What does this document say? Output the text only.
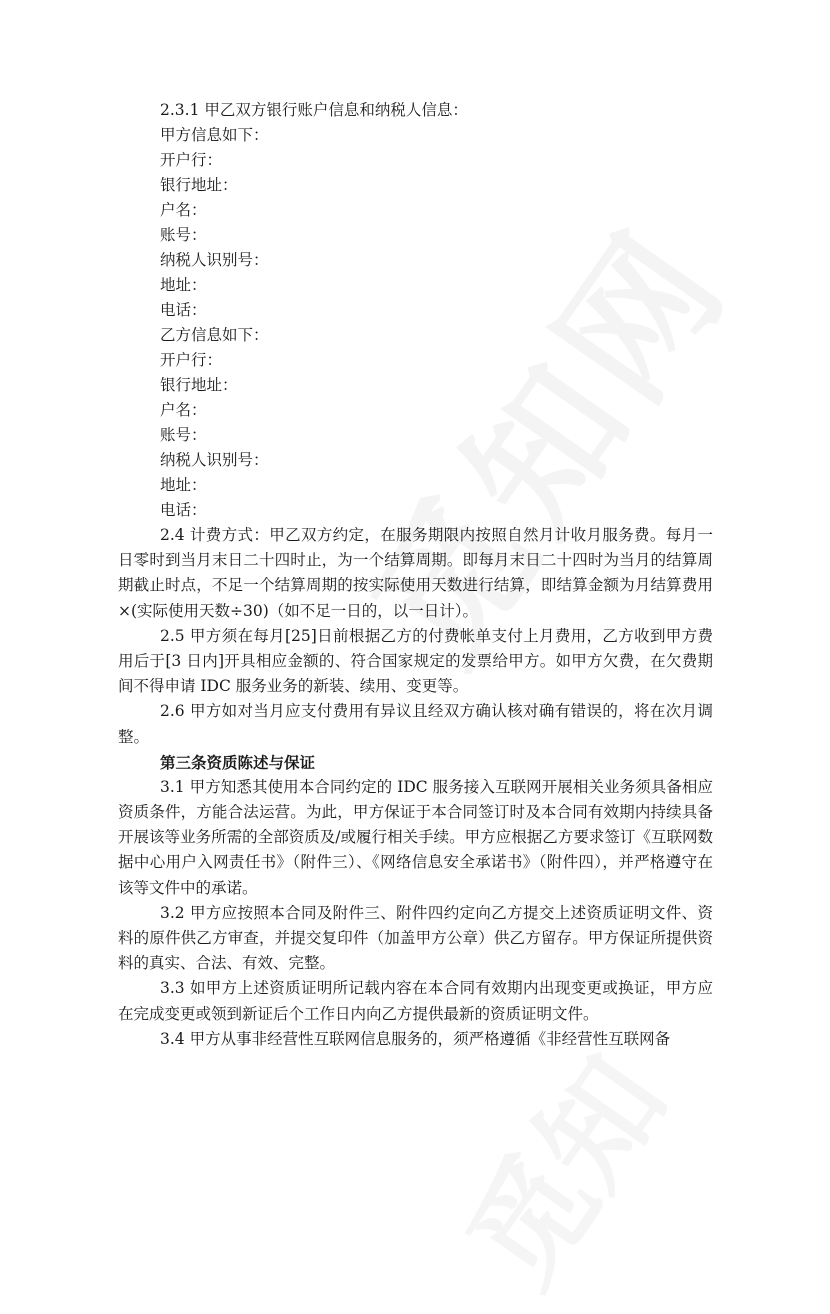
2.3.1 甲乙双方银行账户信息和纳税人信息：
甲方信息如下：
开户行：
银行地址：
户名：
账号：
纳税人识别号：
地址：
电话：
乙方信息如下：
开户行：
银行地址：
户名：
账号：
纳税人识别号：
地址：
电话：
2.4 计费方式：甲乙双方约定，在服务期限内按照自然月计收月服务费。每月一日零时到当月末日二十四时止，为一个结算周期。即每月末日二十四时为当月的结算周期截止时点，不足一个结算周期的按实际使用天数进行结算，即结算金额为月结算费用×(实际使用天数÷30)（如不足一日的，以一日计）。
2.5 甲方须在每月[25]日前根据乙方的付费帐单支付上月费用，乙方收到甲方费用后于[3 日内]开具相应金额的、符合国家规定的发票给甲方。如甲方欠费，在欠费期间不得申请 IDC 服务业务的新装、续用、变更等。
2.6 甲方如对当月应支付费用有异议且经双方确认核对确有错误的，将在次月调整。
第三条资质陈述与保证
3.1 甲方知悉其使用本合同约定的 IDC 服务接入互联网开展相关业务须具备相应资质条件，方能合法运营。为此，甲方保证于本合同签订时及本合同有效期内持续具备开展该等业务所需的全部资质及/或履行相关手续。甲方应根据乙方要求签订《互联网数据中心用户入网责任书》（附件三）、《网络信息安全承诺书》（附件四），并严格遵守在该等文件中的承诺。
3.2 甲方应按照本合同及附件三、附件四约定向乙方提交上述资质证明文件、资料的原件供乙方审查，并提交复印件（加盖甲方公章）供乙方留存。甲方保证所提供资料的真实、合法、有效、完整。
3.3 如甲方上述资质证明所记载内容在本合同有效期内出现变更或换证，甲方应在完成变更或领到新证后个工作日内向乙方提供最新的资质证明文件。
3.4 甲方从事非经营性互联网信息服务的，须严格遵循《非经营性互联网备
